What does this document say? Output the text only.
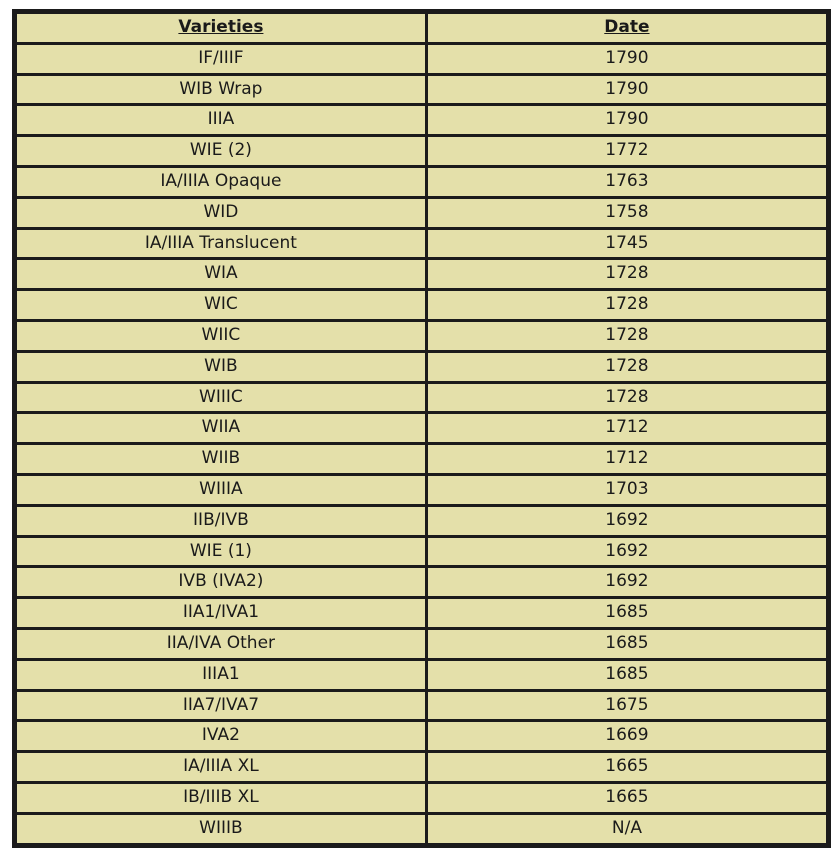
Varieties	Date
IF/IIIF	1790
WIB Wrap	1790
IIIA	1790
WIE (2)	1772
IA/IIIA Opaque	1763
WID	1758
IA/IIIA Translucent	1745
WIA	1728
WIC	1728
WIIC	1728
WIB	1728
WIIIC	1728
WIIA	1712
WIIB	1712
WIIIA	1703
IIB/IVB	1692
WIE (1)	1692
IVB (IVA2)	1692
IIA1/IVA1	1685
IIA/IVA Other	1685
IIIA1	1685
IIA7/IVA7	1675
IVA2	1669
IA/IIIA XL	1665
IB/IIIB XL	1665
WIIIB	N/A
